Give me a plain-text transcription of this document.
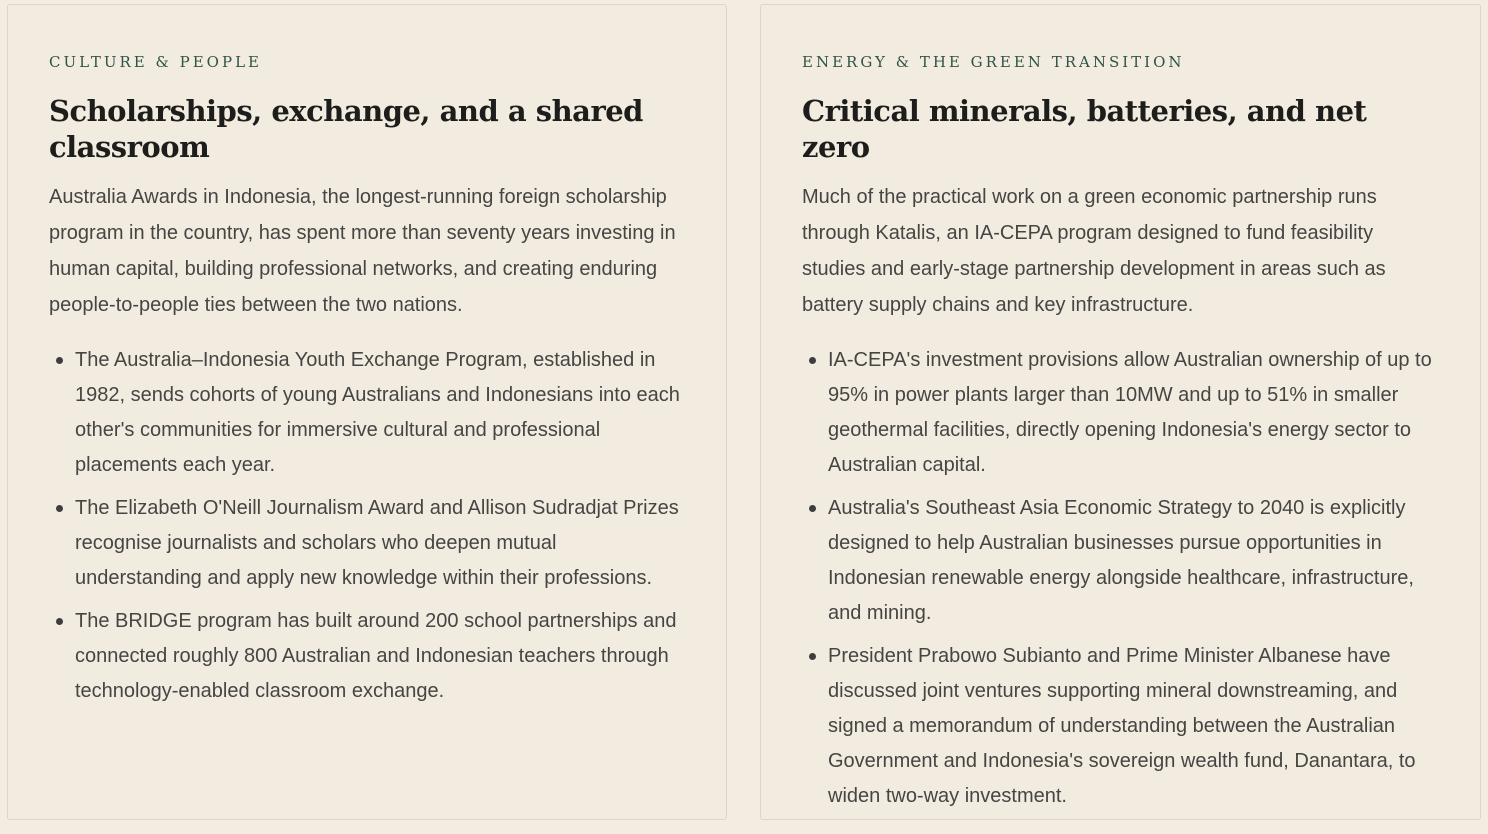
CULTURE & PEOPLE
Scholarships, exchange, and a shared classroom

Australia Awards in Indonesia, the longest-running foreign scholarship program in the country, has spent more than seventy years investing in human capital, building professional networks, and creating enduring people-to-people ties between the two nations.

The Australia–Indonesia Youth Exchange Program, established in 1982, sends cohorts of young Australians and Indonesians into each other's communities for immersive cultural and professional placements each year.
The Elizabeth O'Neill Journalism Award and Allison Sudradjat Prizes recognise journalists and scholars who deepen mutual understanding and apply new knowledge within their professions.
The BRIDGE program has built around 200 school partnerships and connected roughly 800 Australian and Indonesian teachers through technology-enabled classroom exchange.
ENERGY & THE GREEN TRANSITION
Critical minerals, batteries, and net zero

Much of the practical work on a green economic partnership runs through Katalis, an IA-CEPA program designed to fund feasibility studies and early-stage partnership development in areas such as battery supply chains and key infrastructure.

IA-CEPA's investment provisions allow Australian ownership of up to 95% in power plants larger than 10MW and up to 51% in smaller geothermal facilities, directly opening Indonesia's energy sector to Australian capital.
Australia's Southeast Asia Economic Strategy to 2040 is explicitly designed to help Australian businesses pursue opportunities in Indonesian renewable energy alongside healthcare, infrastructure, and mining.
President Prabowo Subianto and Prime Minister Albanese have discussed joint ventures supporting mineral downstreaming, and signed a memorandum of understanding between the Australian Government and Indonesia's sovereign wealth fund, Danantara, to widen two-way investment.
